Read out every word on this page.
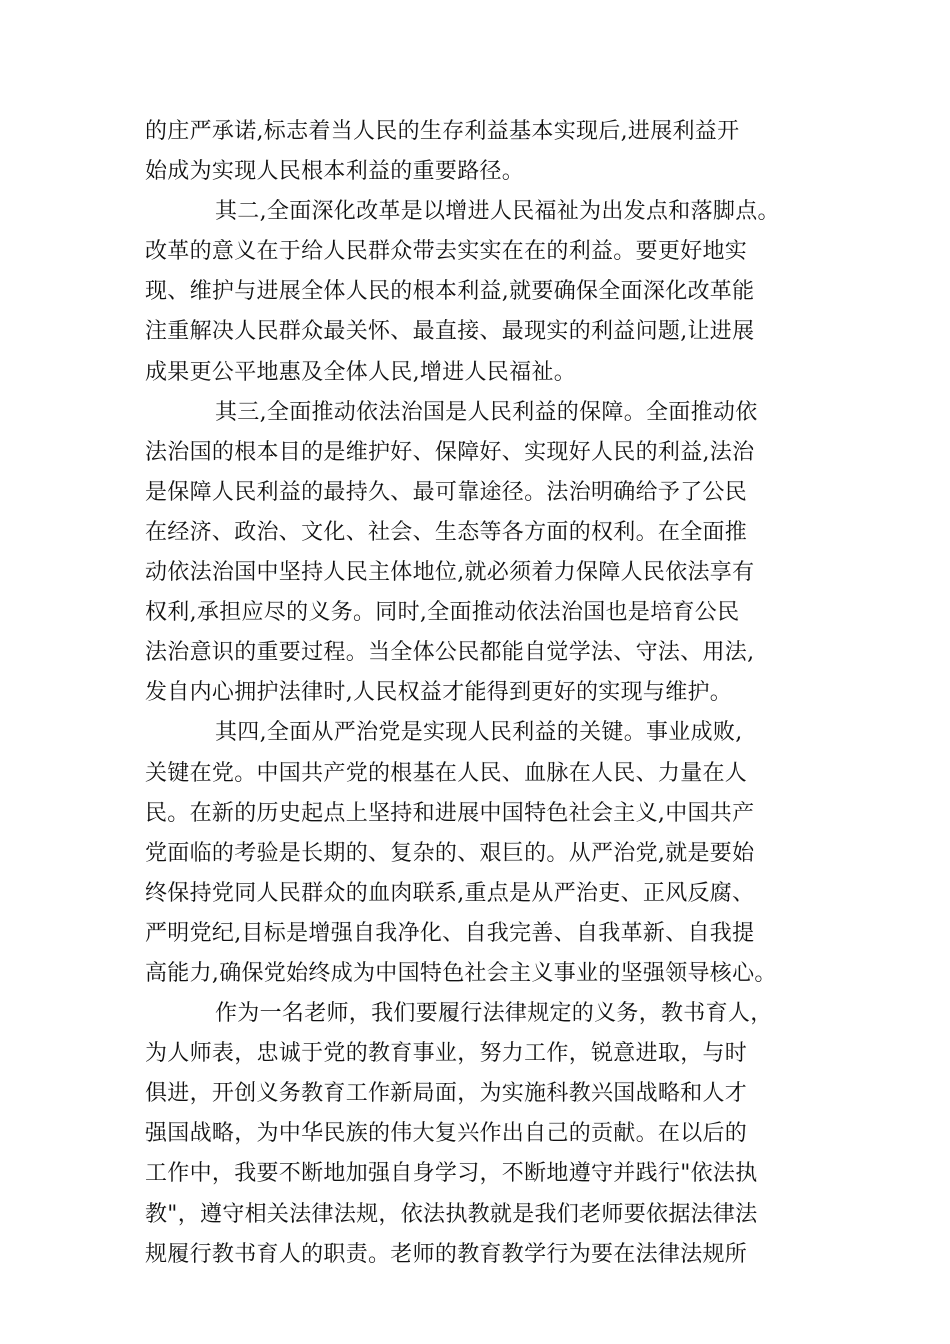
的庄严承诺,标志着当人民的生存利益基本实现后,进展利益开
始成为实现人民根本利益的重要路径。
其二,全面深化改革是以增进人民福祉为出发点和落脚点。
改革的意义在于给人民群众带去实实在在的利益。要更好地实
现、维护与进展全体人民的根本利益,就要确保全面深化改革能
注重解决人民群众最关怀、最直接、最现实的利益问题,让进展
成果更公平地惠及全体人民,增进人民福祉。
其三,全面推动依法治国是人民利益的保障。全面推动依
法治国的根本目的是维护好、保障好、实现好人民的利益,法治
是保障人民利益的最持久、最可靠途径。法治明确给予了公民
在经济、政治、文化、社会、生态等各方面的权利。在全面推
动依法治国中坚持人民主体地位,就必须着力保障人民依法享有
权利,承担应尽的义务。同时,全面推动依法治国也是培育公民
法治意识的重要过程。当全体公民都能自觉学法、守法、用法,
发自内心拥护法律时,人民权益才能得到更好的实现与维护。
其四,全面从严治党是实现人民利益的关键。事业成败,
关键在党。中国共产党的根基在人民、血脉在人民、力量在人
民。在新的历史起点上坚持和进展中国特色社会主义,中国共产
党面临的考验是长期的、复杂的、艰巨的。从严治党,就是要始
终保持党同人民群众的血肉联系,重点是从严治吏、正风反腐、
严明党纪,目标是增强自我净化、自我完善、自我革新、自我提
高能力,确保党始终成为中国特色社会主义事业的坚强领导核心。
作为一名老师，我们要履行法律规定的义务，教书育人，
为人师表，忠诚于党的教育事业，努力工作，锐意进取，与时
俱进，开创义务教育工作新局面，为实施科教兴国战略和人才
强国战略，为中华民族的伟大复兴作出自己的贡献。在以后的
工作中，我要不断地加强自身学习，不断地遵守并践行"依法执
教"，遵守相关法律法规，依法执教就是我们老师要依据法律法
规履行教书育人的职责。老师的教育教学行为要在法律法规所
